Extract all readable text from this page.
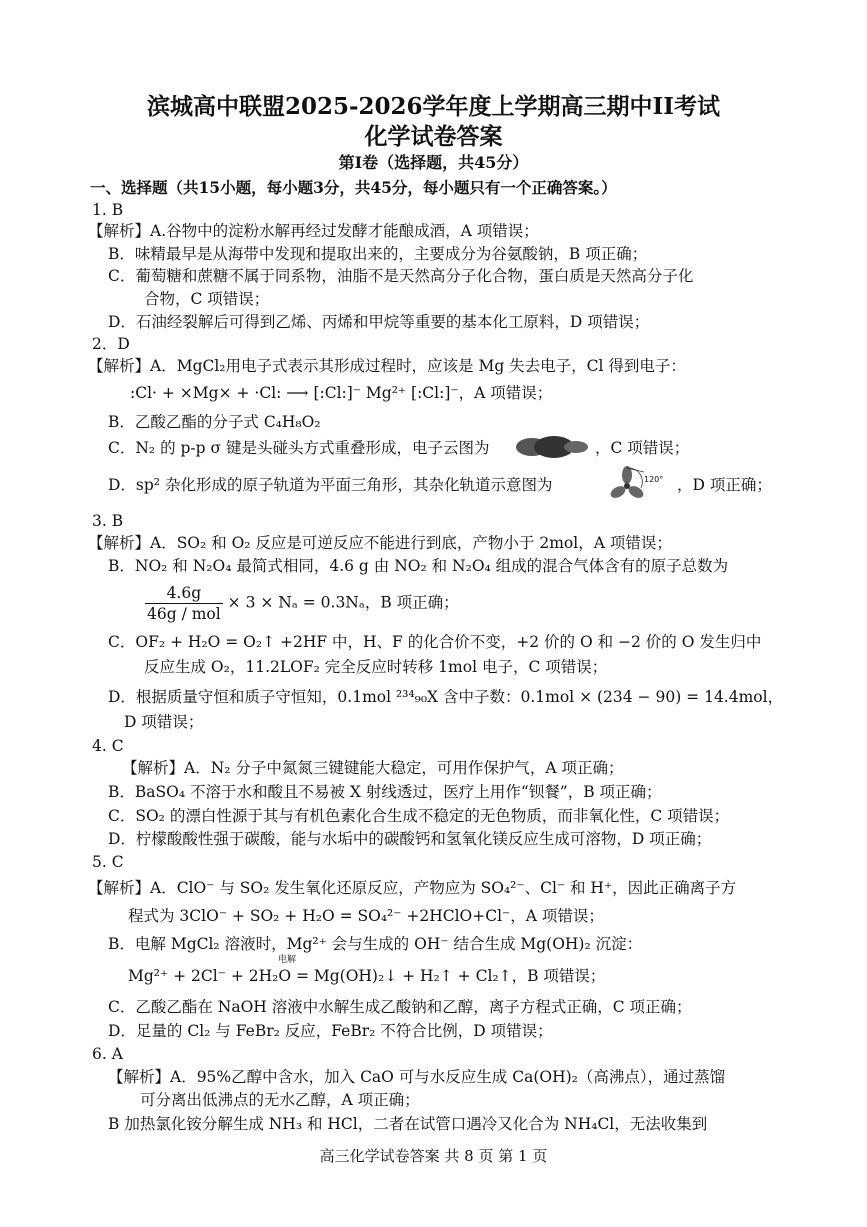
滨城高中联盟2025-2026学年度上学期高三期中II考试
化学试卷答案
第I卷（选择题，共45分）
一、选择题（共15小题，每小题3分，共45分，每小题只有一个正确答案。）
1. B
【解析】A.谷物中的淀粉水解再经过发酵才能酿成酒，A 项错误；
B．味精最早是从海带中发现和提取出来的，主要成分为谷氨酸钠，B 项正确；
C．葡萄糖和蔗糖不属于同系物，油脂不是天然高分子化合物，蛋白质是天然高分子化
合物，C 项错误；
D．石油经裂解后可得到乙烯、丙烯和甲烷等重要的基本化工原料，D 项错误；
2．D
【解析】A．MgCl₂用电子式表示其形成过程时，应该是 Mg 失去电子，Cl 得到电子：
:Cl· + ×Mg× + ·Cl: ⟶ [:Cl:]⁻ Mg²⁺ [:Cl:]⁻，A 项错误；
B．乙酸乙酯的分子式 C₄H₈O₂
C．N₂ 的 p-p σ 键是头碰头方式重叠形成，电子云图为	，C 项错误；
D．sp² 杂化形成的原子轨道为平面三角形，其杂化轨道示意图为	120° ，D 项正确；
3. B
【解析】A．SO₂ 和 O₂ 反应是可逆反应不能进行到底，产物小于 2mol，A 项错误；
B．NO₂ 和 N₂O₄ 最简式相同，4.6 g 由 NO₂ 和 N₂O₄ 组成的混合气体含有的原子总数为
$\frac{4.6g}{\text{46g / mol}} \times 3 \times N_a = 0.3N_a$，B 项正确；
C．OF₂ + H₂O = O₂↑ +2HF 中，H、F 的化合价不变，+2 价的 O 和 −2 价的 O 发生归中
反应生成 O₂，11.2LOF₂ 完全反应时转移 1mol 电子，C 项错误；
D．根据质量守恒和质子守恒知，0.1mol ²³⁴₉₀X 含中子数：0.1mol × (234 − 90) = 14.4mol，
D 项错误；
4. C
【解析】A．N₂ 分子中氮氮三键键能大稳定，可用作保护气，A 项正确；
B．BaSO₄ 不溶于水和酸且不易被 X 射线透过，医疗上用作“钡餐”，B 项正确；
C．SO₂ 的漂白性源于其与有机色素化合生成不稳定的无色物质，而非氧化性，C 项错误；
D．柠檬酸酸性强于碳酸，能与水垢中的碳酸钙和氢氧化镁反应生成可溶物，D 项正确；
5. C
【解析】A．ClO⁻ 与 SO₂ 发生氧化还原反应，产物应为 SO₄²⁻、Cl⁻ 和 H⁺，因此正确离子方
程式为 3ClO⁻ + SO₂ + H₂O = SO₄²⁻ +2HClO+Cl⁻，A 项错误；
B．电解 MgCl₂ 溶液时，Mg²⁺ 会与生成的 OH⁻ 结合生成 Mg(OH)₂ 沉淀：
电解
Mg²⁺ + 2Cl⁻ + 2H₂O = Mg(OH)₂↓ + H₂↑ + Cl₂↑，B 项错误；
C．乙酸乙酯在 NaOH 溶液中水解生成乙酸钠和乙醇，离子方程式正确，C 项正确；
D．足量的 Cl₂ 与 FeBr₂ 反应，FeBr₂ 不符合比例，D 项错误；
6. A
【解析】A．95%乙醇中含水，加入 CaO 可与水反应生成 Ca(OH)₂（高沸点），通过蒸馏
可分离出低沸点的无水乙醇，A 项正确；
B 加热氯化铵分解生成 NH₃ 和 HCl，二者在试管口遇冷又化合为 NH₄Cl，无法收集到
高三化学试卷答案 共 8 页 第 1 页
